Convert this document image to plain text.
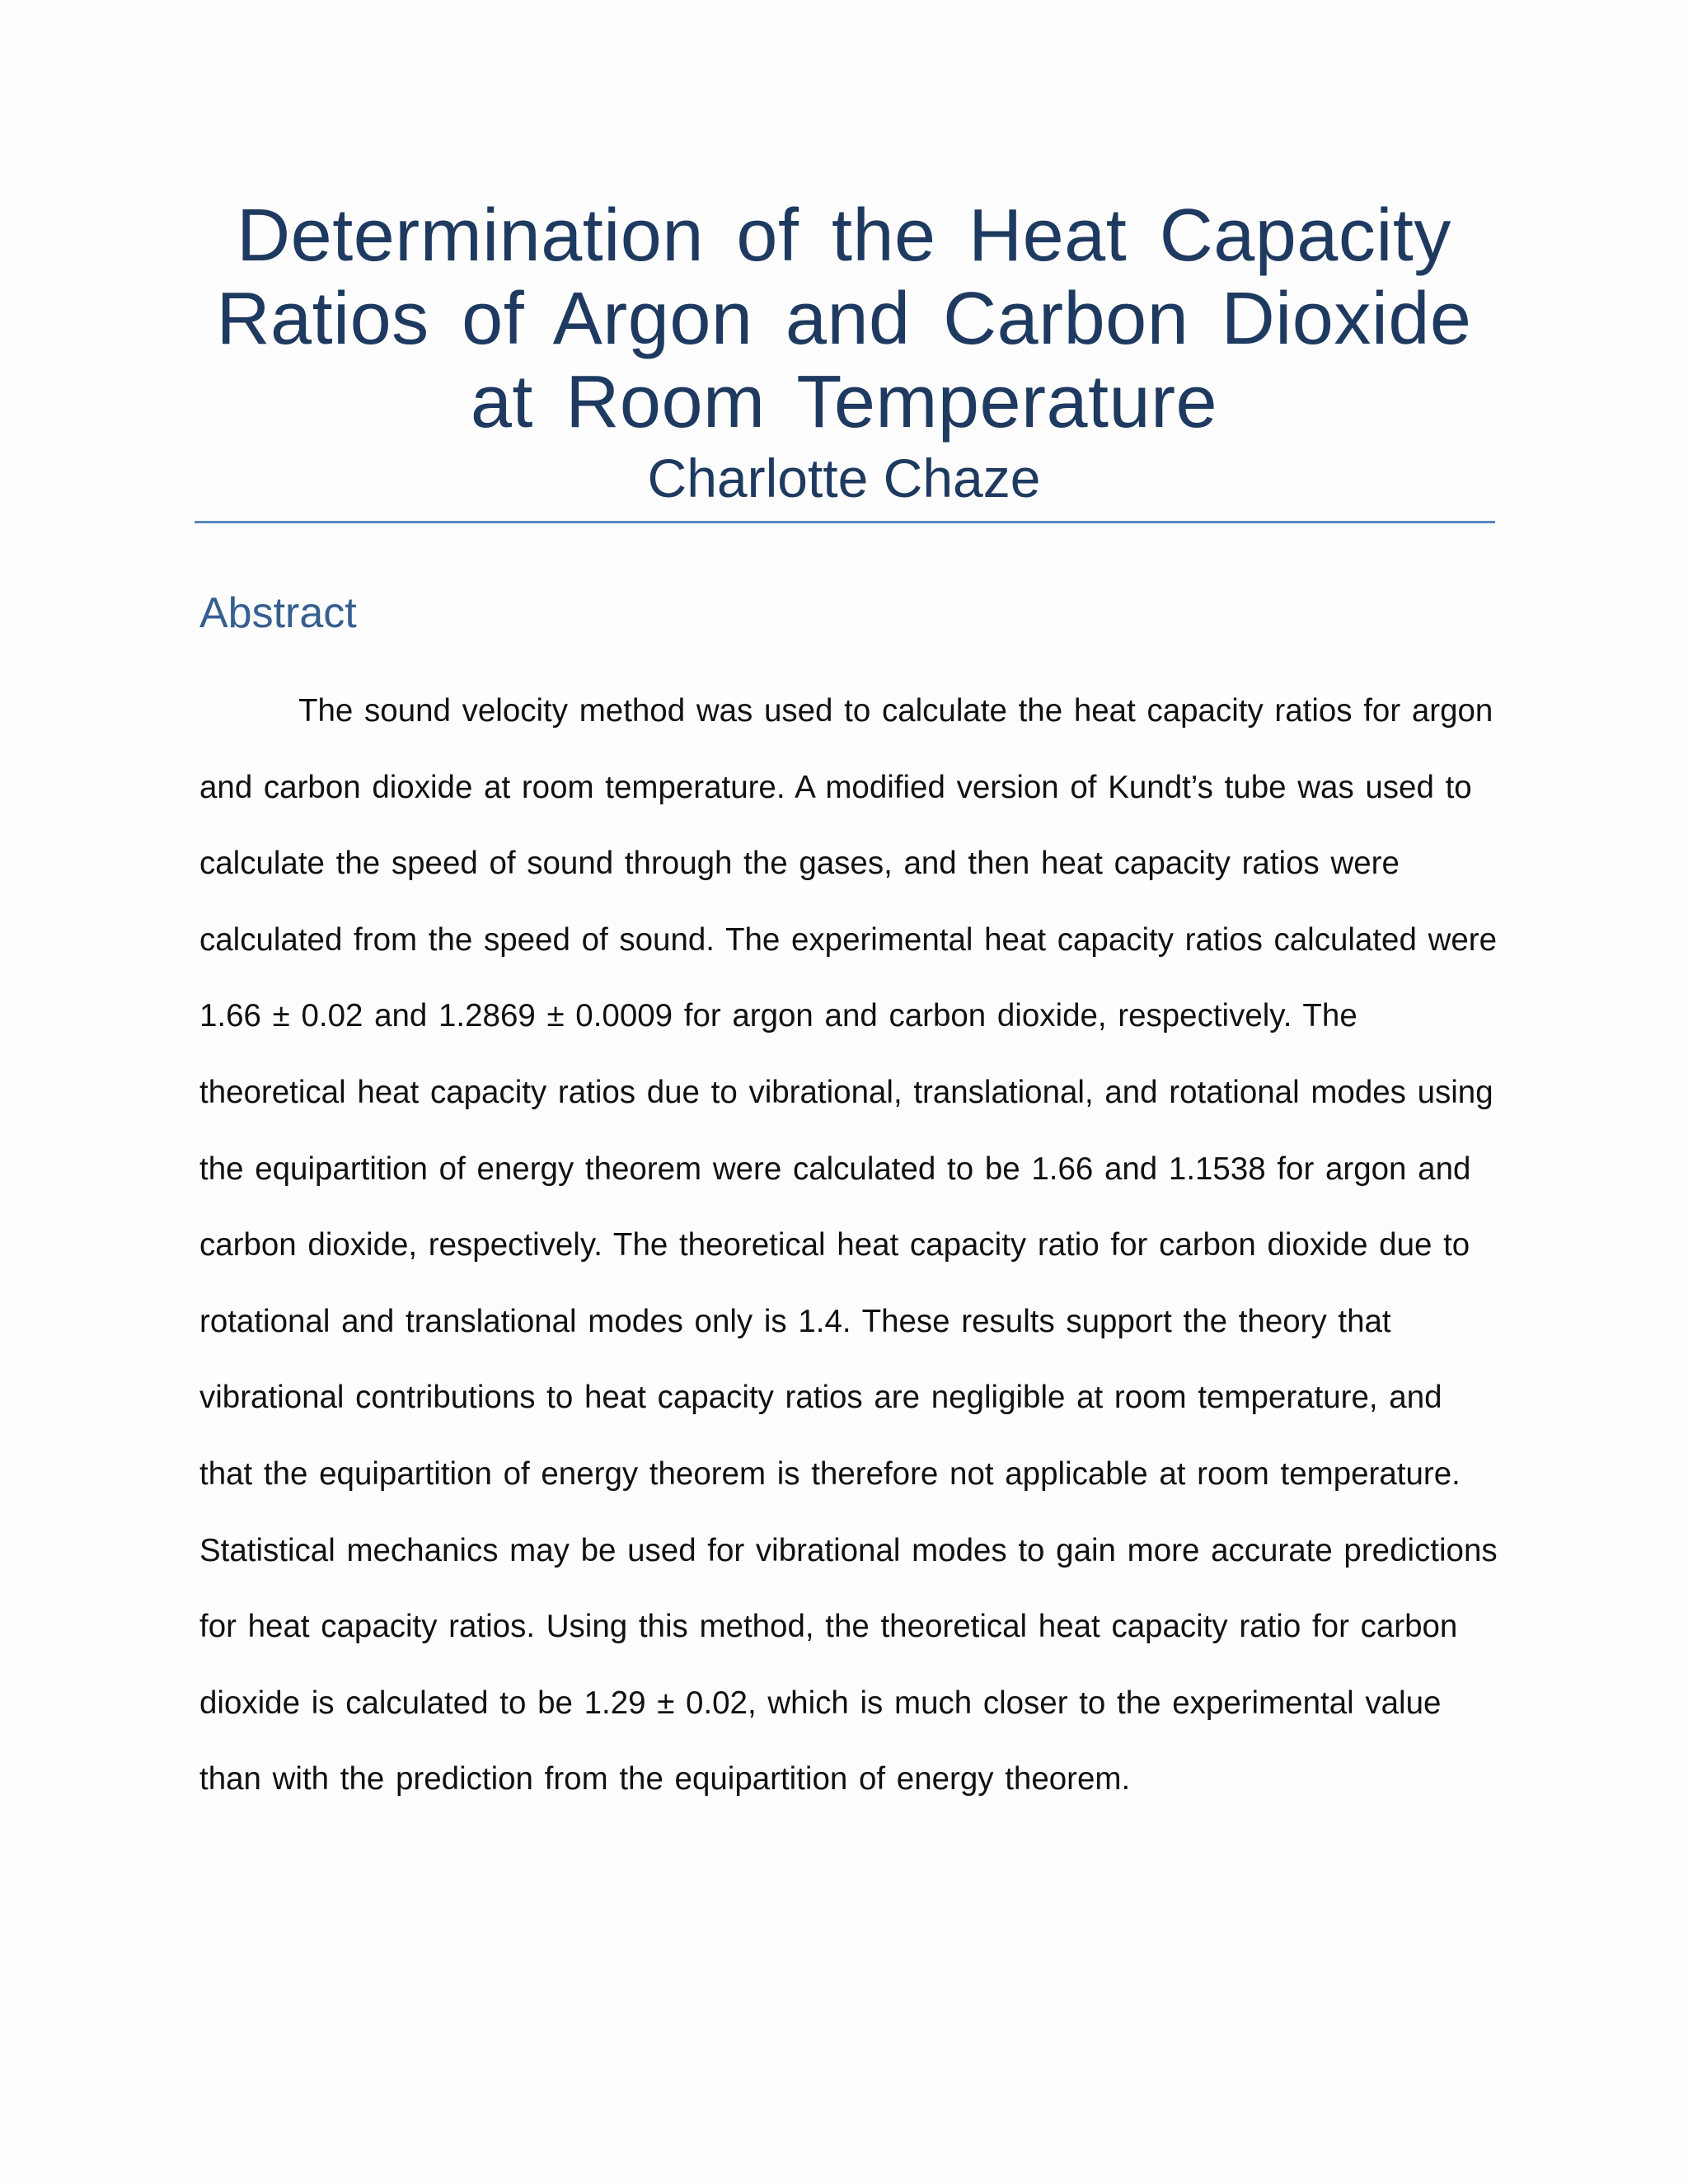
Determination of the Heat Capacity Ratios of Argon and Carbon Dioxide at Room Temperature

Charlotte Chaze

Abstract

The sound velocity method was used to calculate the heat capacity ratios for argon and carbon dioxide at room temperature. A modified version of Kundt’s tube was used to calculate the speed of sound through the gases, and then heat capacity ratios were calculated from the speed of sound. The experimental heat capacity ratios calculated were 1.66 ± 0.02 and 1.2869 ± 0.0009 for argon and carbon dioxide, respectively. The theoretical heat capacity ratios due to vibrational, translational, and rotational modes using the equipartition of energy theorem were calculated to be 1.66 and 1.1538 for argon and carbon dioxide, respectively. The theoretical heat capacity ratio for carbon dioxide due to rotational and translational modes only is 1.4. These results support the theory that vibrational contributions to heat capacity ratios are negligible at room temperature, and that the equipartition of energy theorem is therefore not applicable at room temperature. Statistical mechanics may be used for vibrational modes to gain more accurate predictions for heat capacity ratios. Using this method, the theoretical heat capacity ratio for carbon dioxide is calculated to be 1.29 ± 0.02, which is much closer to the experimental value than with the prediction from the equipartition of energy theorem.
